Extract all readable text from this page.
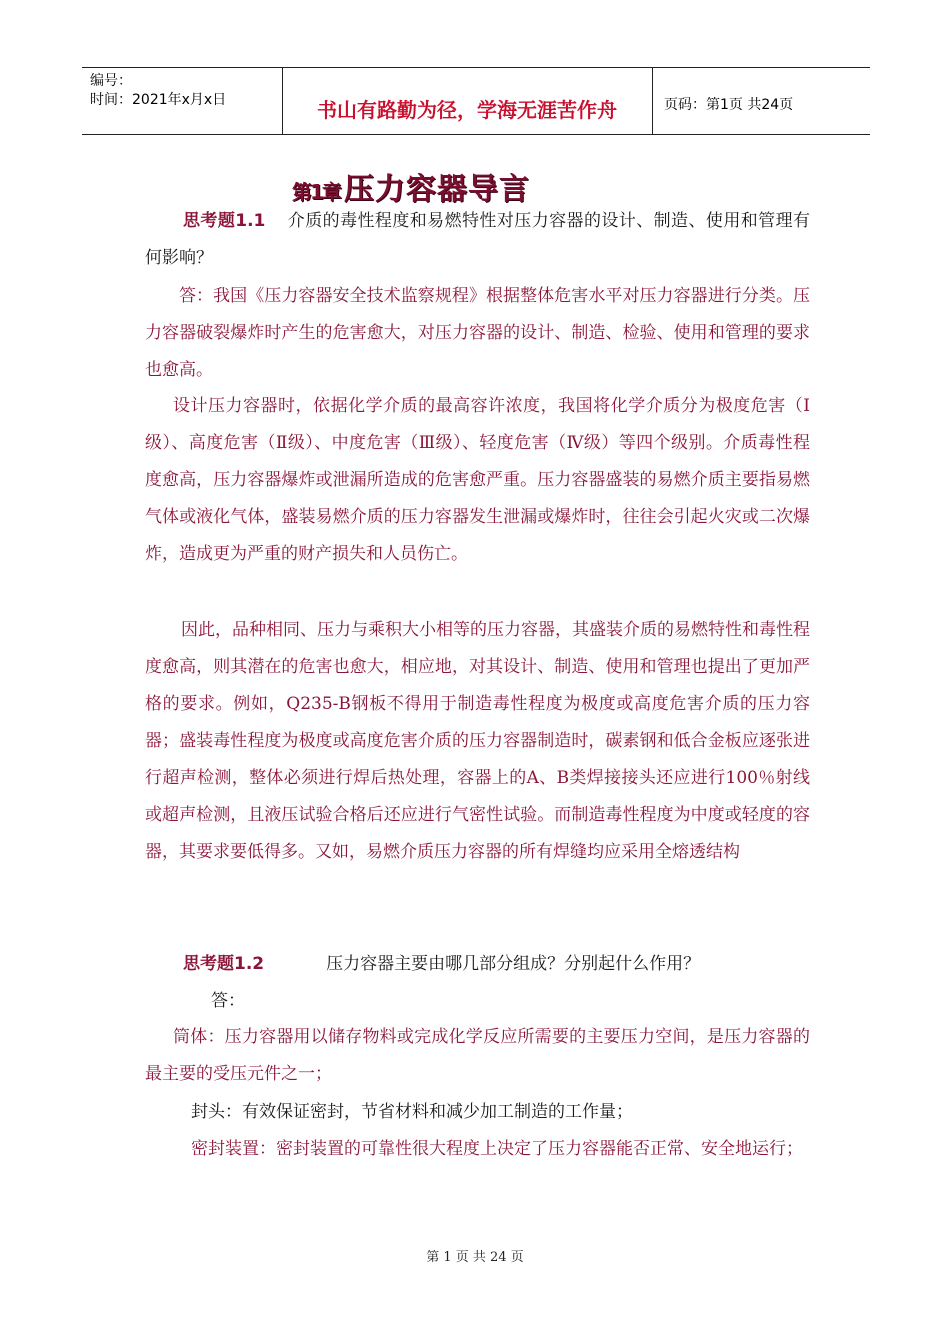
编号：
时间：2021年x月x日	书山有路勤为径，学海无涯苦作舟	页码：第1页 共24页
第1章 压力容器导言

思考题1.1 介质的毒性程度和易燃特性对压力容器的设计、制造、使用和管理有何影响？

答：我国《压力容器安全技术监察规程》根据整体危害水平对压力容器进行分类。压力容器破裂爆炸时产生的危害愈大，对压力容器的设计、制造、检验、使用和管理的要求也愈高。

设计压力容器时，依据化学介质的最高容许浓度，我国将化学介质分为极度危害（Ⅰ级）、高度危害（Ⅱ级）、中度危害（Ⅲ级）、轻度危害（Ⅳ级）等四个级别。介质毒性程度愈高，压力容器爆炸或泄漏所造成的危害愈严重。压力容器盛装的易燃介质主要指易燃气体或液化气体，盛装易燃介质的压力容器发生泄漏或爆炸时，往往会引起火灾或二次爆炸，造成更为严重的财产损失和人员伤亡。

因此，品种相同、压力与乘积大小相等的压力容器，其盛装介质的易燃特性和毒性程度愈高，则其潜在的危害也愈大，相应地，对其设计、制造、使用和管理也提出了更加严格的要求。例如，Q235-B钢板不得用于制造毒性程度为极度或高度危害介质的压力容器；盛装毒性程度为极度或高度危害介质的压力容器制造时，碳素钢和低合金板应逐张进行超声检测，整体必须进行焊后热处理，容器上的A、B类焊接接头还应进行100％射线或超声检测，且液压试验合格后还应进行气密性试验。而制造毒性程度为中度或轻度的容器，其要求要低得多。又如，易燃介质压力容器的所有焊缝均应采用全熔透结构

思考题1.2	压力容器主要由哪几部分组成？分别起什么作用？

答：

筒体：压力容器用以储存物料或完成化学反应所需要的主要压力空间，是压力容器的最主要的受压元件之一；

封头：有效保证密封，节省材料和减少加工制造的工作量；

密封装置：密封装置的可靠性很大程度上决定了压力容器能否正常、安全地运行；

第 1 页 共 24 页
